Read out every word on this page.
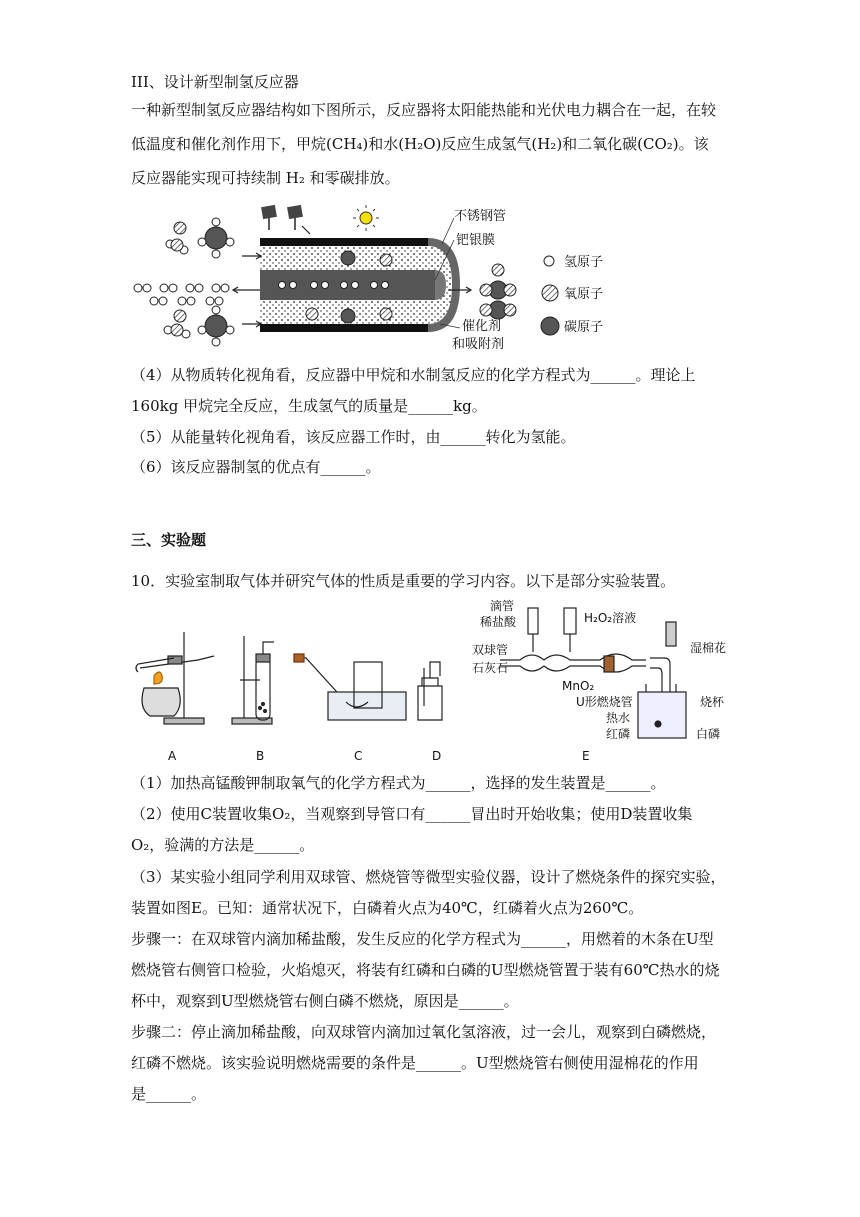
III、设计新型制氢反应器
一种新型制氢反应器结构如下图所示，反应器将太阳能热能和光伏电力耦合在一起，在较
低温度和催化剂作用下，甲烷(CH₄)和水(H₂O)反应生成氢气(H₂)和二氧化碳(CO₂)。该
反应器能实现可持续制 H₂ 和零碳排放。
不锈钢管
钯银膜
催化剂
和吸附剂
氢原子
氧原子
碳原子
（4）从物质转化视角看，反应器中甲烷和水制氢反应的化学方程式为______。理论上
160kg 甲烷完全反应，生成氢气的质量是______kg。
（5）从能量转化视角看，该反应器工作时，由______转化为氢能。
（6）该反应器制氢的优点有______。
三、实验题
10．实验室制取气体并研究气体的性质是重要的学习内容。以下是部分实验装置。
A	B	C	D	E
滴管
稀盐酸	H₂O₂溶液
双球管
石灰石
MnO₂
湿棉花
U形燃烧管	烧杯
热水
红磷	白磷
（1）加热高锰酸钾制取氧气的化学方程式为______，选择的发生装置是______。
（2）使用C装置收集O₂，当观察到导管口有______冒出时开始收集；使用D装置收集
O₂，验满的方法是______。
（3）某实验小组同学利用双球管、燃烧管等微型实验仪器，设计了燃烧条件的探究实验，
装置如图E。已知：通常状况下，白磷着火点为40℃，红磷着火点为260℃。
步骤一：在双球管内滴加稀盐酸，发生反应的化学方程式为______，用燃着的木条在U型
燃烧管右侧管口检验，火焰熄灭，将装有红磷和白磷的U型燃烧管置于装有60℃热水的烧
杯中，观察到U型燃烧管右侧白磷不燃烧，原因是______。
步骤二：停止滴加稀盐酸，向双球管内滴加过氧化氢溶液，过一会儿，观察到白磷燃烧，
红磷不燃烧。该实验说明燃烧需要的条件是______。U型燃烧管右侧使用湿棉花的作用
是______。
